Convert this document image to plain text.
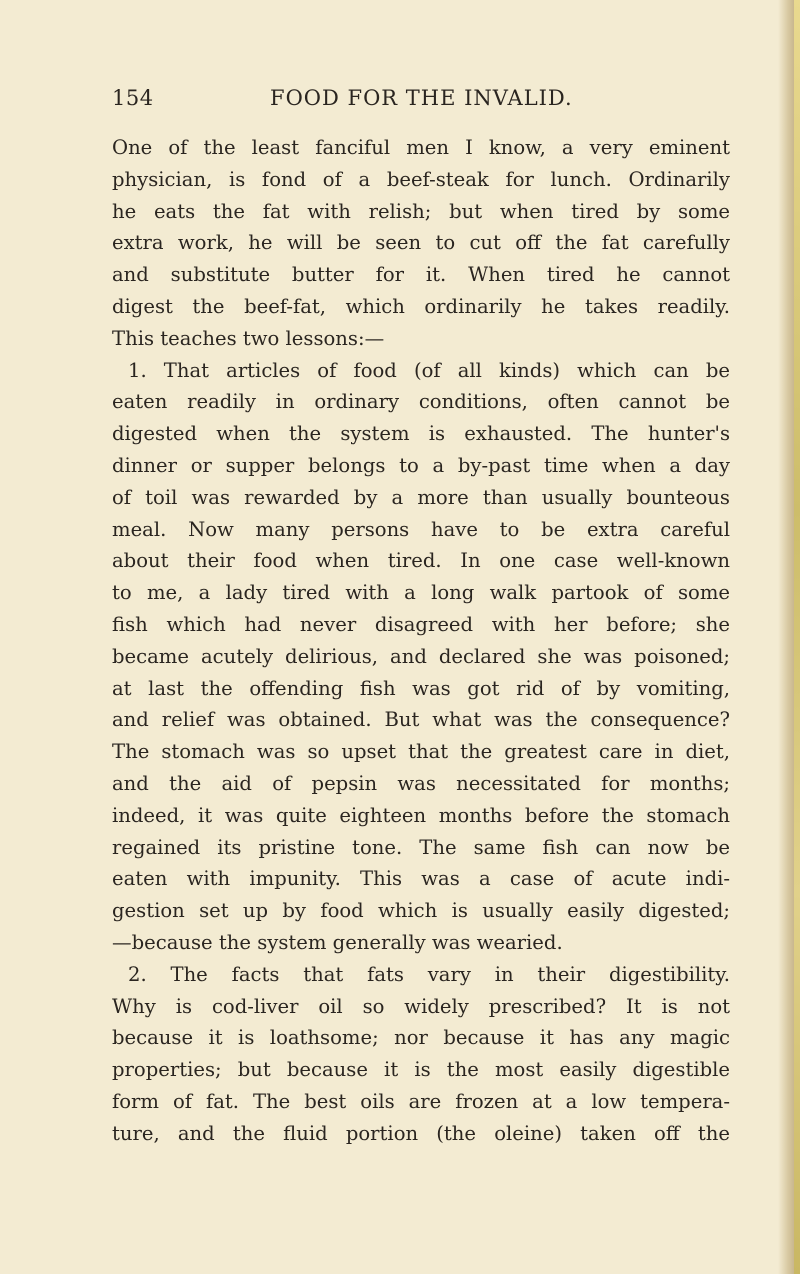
154	FOOD FOR THE INVALID.
One of the least fanciful men I know, a very eminent
physician, is fond of a beef-steak for lunch. Ordinarily
he eats the fat with relish; but when tired by some
extra work, he will be seen to cut off the fat carefully
and substitute butter for it. When tired he cannot
digest the beef-fat, which ordinarily he takes readily.
This teaches two lessons:—
1. That articles of food (of all kinds) which can be
eaten readily in ordinary conditions, often cannot be
digested when the system is exhausted. The hunter's
dinner or supper belongs to a by-past time when a day
of toil was rewarded by a more than usually bounteous
meal. Now many persons have to be extra careful
about their food when tired. In one case well-known
to me, a lady tired with a long walk partook of some
fish which had never disagreed with her before; she
became acutely delirious, and declared she was poisoned;
at last the offending fish was got rid of by vomiting,
and relief was obtained. But what was the consequence?
The stomach was so upset that the greatest care in diet,
and the aid of pepsin was necessitated for months;
indeed, it was quite eighteen months before the stomach
regained its pristine tone. The same fish can now be
eaten with impunity. This was a case of acute indi-
gestion set up by food which is usually easily digested;
—because the system generally was wearied.
2. The facts that fats vary in their digestibility.
Why is cod-liver oil so widely prescribed? It is not
because it is loathsome; nor because it has any magic
properties; but because it is the most easily digestible
form of fat. The best oils are frozen at a low tempera-
ture, and the fluid portion (the oleine) taken off the
